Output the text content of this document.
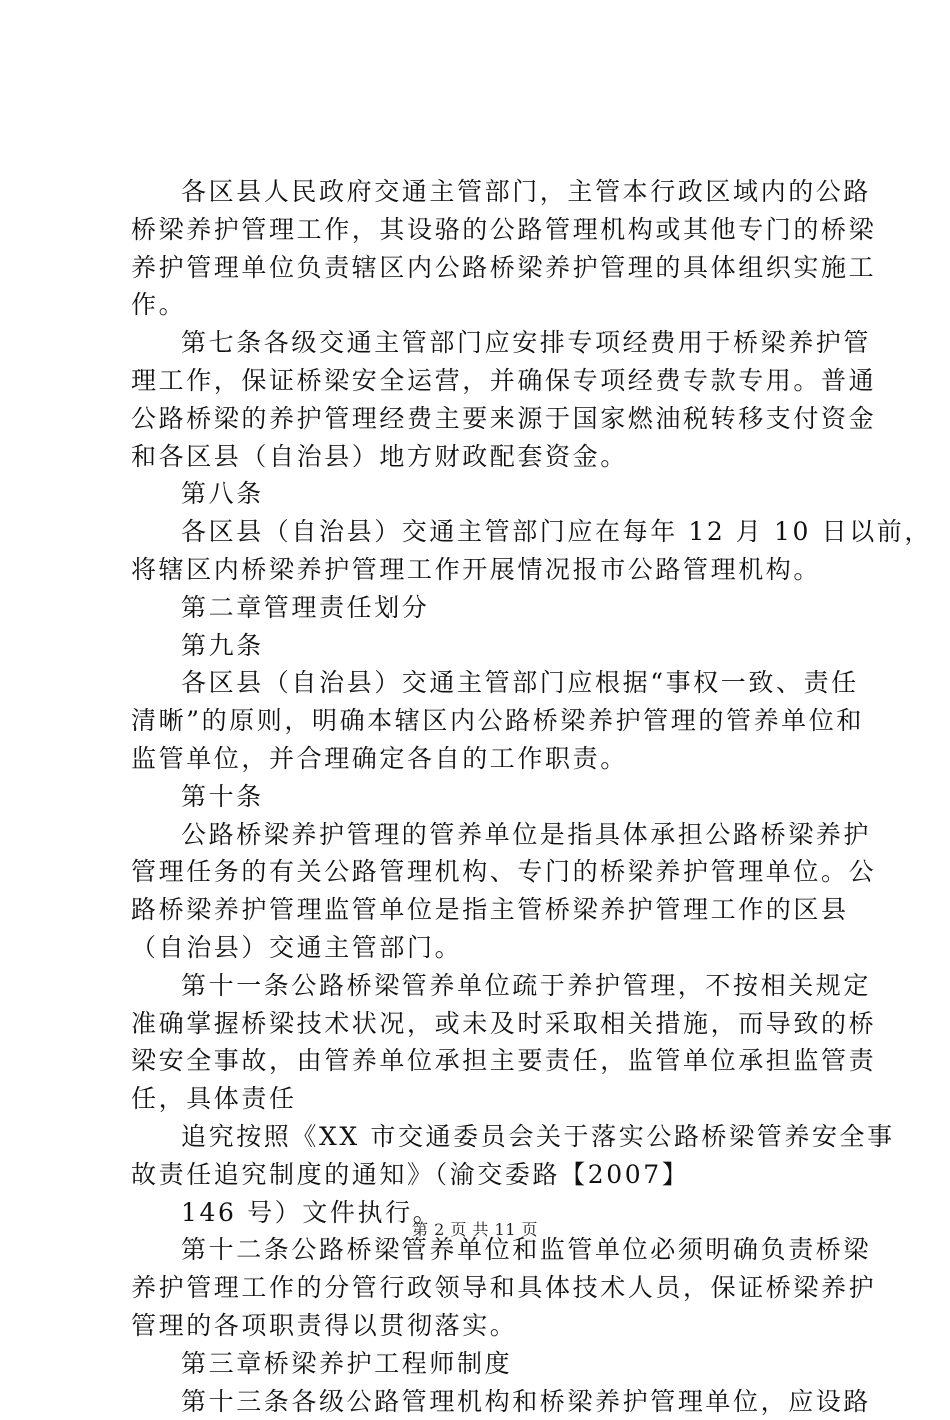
各区县人民政府交通主管部门，主管本行政区域内的公路

桥梁养护管理工作，其设骆的公路管理机构或其他专门的桥梁

养护管理单位负责辖区内公路桥梁养护管理的具体组织实施工

作。

第七条各级交通主管部门应安排专项经费用于桥梁养护管

理工作，保证桥梁安全运营，并确保专项经费专款专用。普通

公路桥梁的养护管理经费主要来源于国家燃油税转移支付资金

和各区县（自治县）地方财政配套资金。

第八条

各区县（自治县）交通主管部门应在每年 12 月 10 日以前，

将辖区内桥梁养护管理工作开展情况报市公路管理机构。

第二章管理责任划分

第九条

各区县（自治县）交通主管部门应根据“事权一致、责任

清晰”的原则，明确本辖区内公路桥梁养护管理的管养单位和

监管单位，并合理确定各自的工作职责。

第十条

公路桥梁养护管理的管养单位是指具体承担公路桥梁养护

管理任务的有关公路管理机构、专门的桥梁养护管理单位。公

路桥梁养护管理监管单位是指主管桥梁养护管理工作的区县

（自治县）交通主管部门。

第十一条公路桥梁管养单位疏于养护管理，不按相关规定

准确掌握桥梁技术状况，或未及时采取相关措施，而导致的桥

梁安全事故，由管养单位承担主要责任，监管单位承担监管责

任，具体责任

追究按照《XX 市交通委员会关于落实公路桥梁管养安全事

故责任追究制度的通知》（渝交委路【2007】

146 号）文件执行。

第十二条公路桥梁管养单位和监管单位必须明确负责桥梁

养护管理工作的分管行政领导和具体技术人员，保证桥梁养护

管理的各项职责得以贯彻落实。

第三章桥梁养护工程师制度

第十三条各级公路管理机构和桥梁养护管理单位，应设路

第 2 页 共 11 页
